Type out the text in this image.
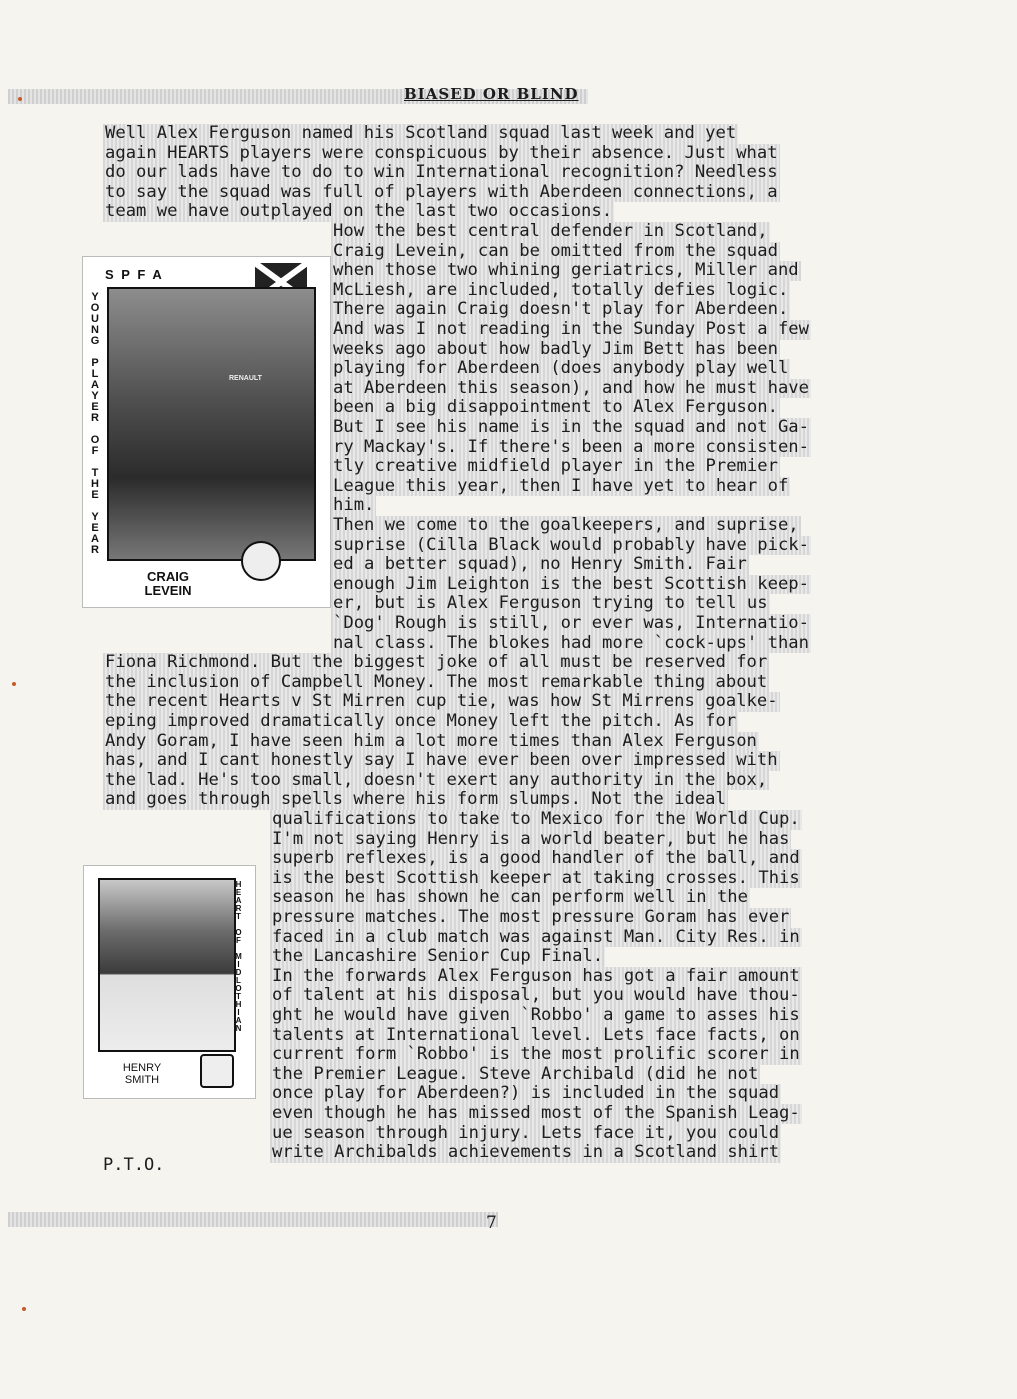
BIASED OR BLIND
Well Alex Ferguson named his Scotland squad last week and yet
again HEARTS players were conspicuous by their absence. Just what
do our lads have to do to win International recognition? Needless
to say the squad was full of players with Aberdeen connections, a
team we have outplayed on the last two occasions.
How the best central defender in Scotland,
Craig Levein, can be omitted from the squad
when those two whining geriatrics, Miller and
McLiesh, are included, totally defies logic.
There again Craig doesn't play for Aberdeen.
And was I not reading in the Sunday Post a few
weeks ago about how badly Jim Bett has been
playing for Aberdeen (does anybody play well
at Aberdeen this season), and how he must have
been a big disappointment to Alex Ferguson.
But I see his name is in the squad and not Ga-
ry Mackay's. If there's been a more consisten-
tly creative midfield player in the Premier
League this year, then I have yet to hear of
him.
Then we come to the goalkeepers, and suprise,
suprise (Cilla Black would probably have pick-
ed a better squad), no Henry Smith. Fair
enough Jim Leighton is the best Scottish keep-
er, but is Alex Ferguson trying to tell us
`Dog' Rough is still, or ever was, Internatio-
nal class. The blokes had more `cock-ups' than
Fiona Richmond. But the biggest joke of all must be reserved for
the inclusion of Campbell Money. The most remarkable thing about
the recent Hearts v St Mirren cup tie, was how St Mirrens goalke-
eping improved dramatically once Money left the pitch. As for
Andy Goram, I have seen him a lot more times than Alex Ferguson
has, and I cant honestly say I have ever been over impressed with
the lad. He's too small, doesn't exert any authority in the box,
and goes through spells where his form slumps. Not the ideal
qualifications to take to Mexico for the World Cup.
I'm not saying Henry is a world beater, but he has
superb reflexes, is a good handler of the ball, and
is the best Scottish keeper at taking crosses. This
season he has shown he can perform well in the
pressure matches. The most pressure Goram has ever
faced in a club match was against Man. City Res. in
the Lancashire Senior Cup Final.
In the forwards Alex Ferguson has got a fair amount
of talent at his disposal, but you would have thou-
ght he would have given `Robbo' a game to asses his
talents at International level. Lets face facts, on
current form `Robbo' is the most prolific scorer in
the Premier League. Steve Archibald (did he not
once play for Aberdeen?) is included in the squad
even though he has missed most of the Spanish Leag-
ue season through injury. Lets face it, you could
write Archibalds achievements in a Scotland shirt
S P F A
YOUNG PLAYER OF THE YEAR	RENAULT
CRAIG
LEVEIN
HEART OF MIDLOTHIAN
HENRY
SMITH
P.T.O.
7
